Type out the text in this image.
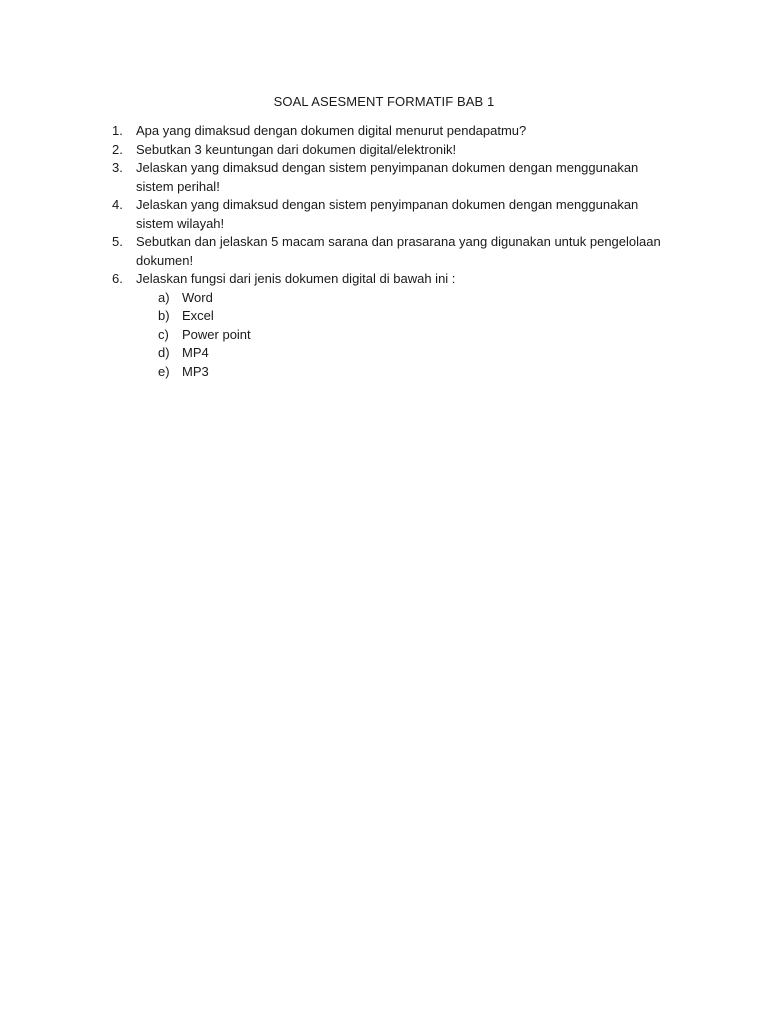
SOAL ASESMENT FORMATIF BAB 1
1.	Apa yang dimaksud dengan dokumen digital menurut pendapatmu?
2.	Sebutkan 3 keuntungan dari dokumen digital/elektronik!
3.	Jelaskan yang dimaksud dengan sistem penyimpanan dokumen dengan menggunakan sistem perihal!
4.	Jelaskan yang dimaksud dengan sistem penyimpanan dokumen dengan menggunakan sistem wilayah!
5.	Sebutkan dan jelaskan 5 macam sarana dan prasarana yang digunakan untuk pengelolaan dokumen!
6.	Jelaskan fungsi dari jenis dokumen digital di bawah ini :
a) Word
b) Excel
c)	Power point
d) MP4
e) MP3
